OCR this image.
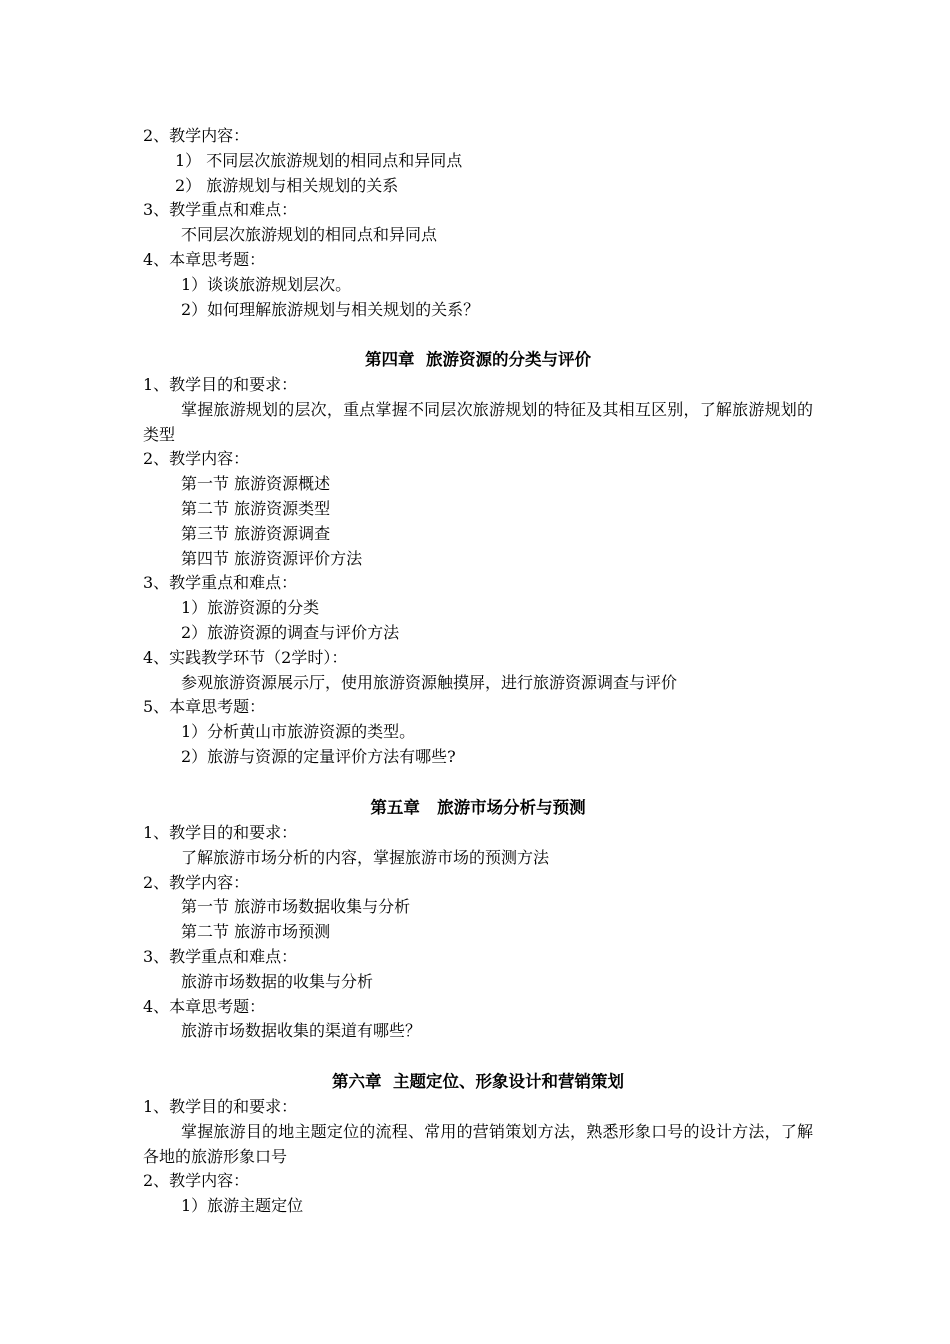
2、教学内容：
1） 不同层次旅游规划的相同点和异同点
2） 旅游规划与相关规划的关系
3、教学重点和难点：
不同层次旅游规划的相同点和异同点
4、本章思考题：
1）谈谈旅游规划层次。
2）如何理解旅游规划与相关规划的关系？
第四章  旅游资源的分类与评价
1、教学目的和要求：
掌握旅游规划的层次，重点掌握不同层次旅游规划的特征及其相互区别，了解旅游规划的类型
2、教学内容：
第一节 旅游资源概述
第二节 旅游资源类型
第三节 旅游资源调查
第四节 旅游资源评价方法
3、教学重点和难点：
1）旅游资源的分类
2）旅游资源的调查与评价方法
4、实践教学环节（2学时）：
参观旅游资源展示厅，使用旅游资源触摸屏，进行旅游资源调查与评价
5、本章思考题：
1）分析黄山市旅游资源的类型。
2）旅游与资源的定量评价方法有哪些?
第五章   旅游市场分析与预测
1、教学目的和要求：
了解旅游市场分析的内容，掌握旅游市场的预测方法
2、教学内容：
第一节 旅游市场数据收集与分析
第二节 旅游市场预测
3、教学重点和难点：
旅游市场数据的收集与分析
4、本章思考题：
旅游市场数据收集的渠道有哪些？
第六章  主题定位、形象设计和营销策划
1、教学目的和要求：
掌握旅游目的地主题定位的流程、常用的营销策划方法，熟悉形象口号的设计方法，了解各地的旅游形象口号
2、教学内容：
1）旅游主题定位
